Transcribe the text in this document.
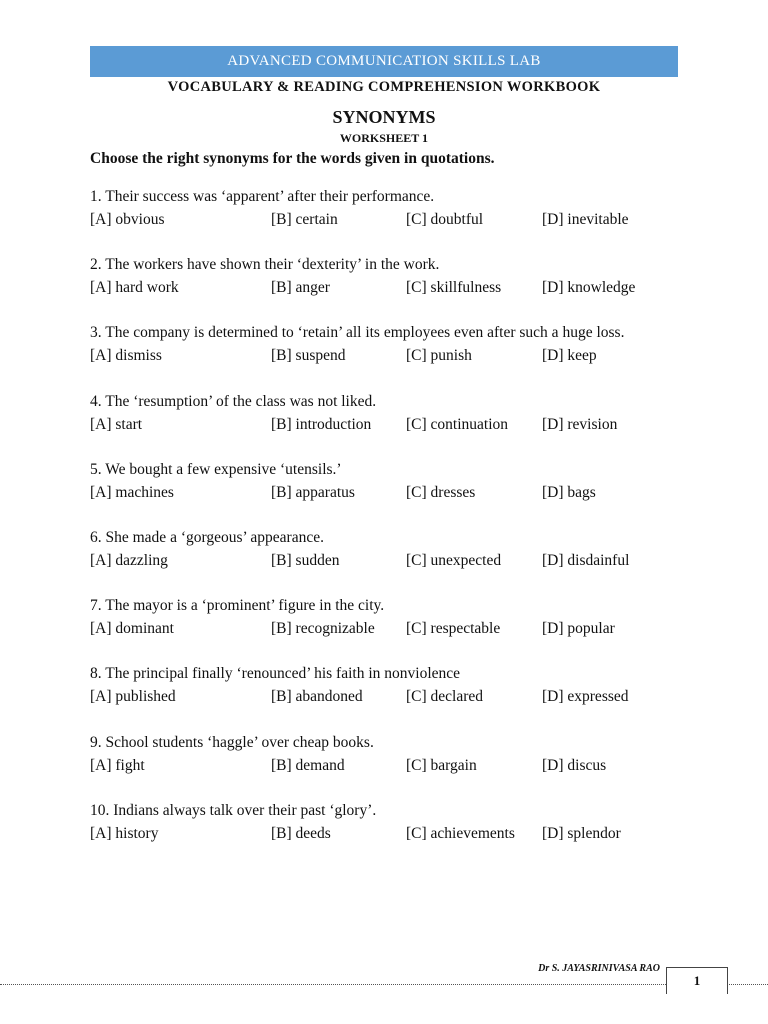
ADVANCED COMMUNICATION SKILLS LAB
VOCABULARY & READING COMPREHENSION WORKBOOK
SYNONYMS
WORKSHEET 1
Choose the right synonyms for the words given in quotations.
1. Their success was ‘apparent’ after their performance.
[A] obvious	[B] certain	[C] doubtful	[D] inevitable
2. The workers have shown their ‘dexterity’ in the work.
[A] hard work	[B] anger	[C] skillfulness	[D] knowledge
3. The company is determined to ‘retain’ all its employees even after such a huge loss.
[A] dismiss	[B] suspend	[C] punish	[D] keep
4. The ‘resumption’ of the class was not liked.
[A] start	[B] introduction [C] continuation [D] revision
5. We bought a few expensive ‘utensils.’
[A] machines	[B] apparatus	[C] dresses	[D] bags
6. She made a ‘gorgeous’ appearance.
[A] dazzling	[B] sudden	[C] unexpected	[D] disdainful
7. The mayor is a ‘prominent’ figure in the city.
[A] dominant	[B] recognizable [C] respectable	[D] popular
8. The principal finally ‘renounced’ his faith in nonviolence
[A] published	[B] abandoned	[C] declared	[D] expressed
9. School students ‘haggle’ over cheap books.
[A] fight	[B] demand	[C] bargain	[D] discus
10. Indians always talk over their past ‘glory’.
[A] history	[B] deeds	[C] achievements [D] splendor
Dr S. JAYASRINIVASA RAO
1
